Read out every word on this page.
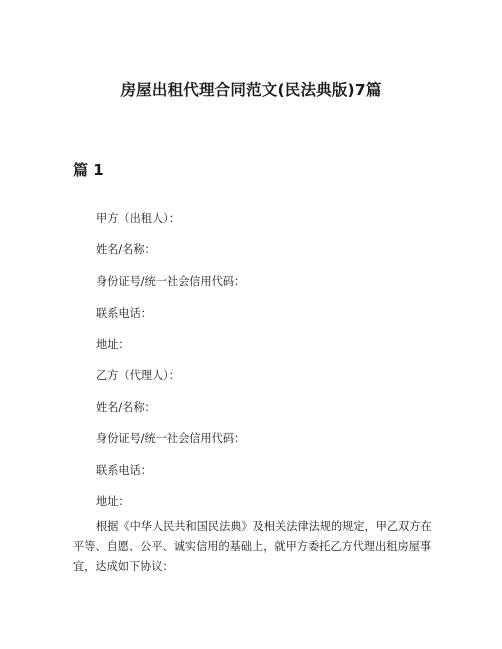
房屋出租代理合同范文(民法典版)7篇
篇 1

甲方（出租人）：

姓名/名称：

身份证号/统一社会信用代码：

联系电话：

地址：

乙方（代理人）：

姓名/名称：

身份证号/统一社会信用代码：

联系电话：

地址：

根据《中华人民共和国民法典》及相关法律法规的规定，甲乙双方在平等、自愿、公平、诚实信用的基础上，就甲方委托乙方代理出租房屋事宜，达成如下协议：
